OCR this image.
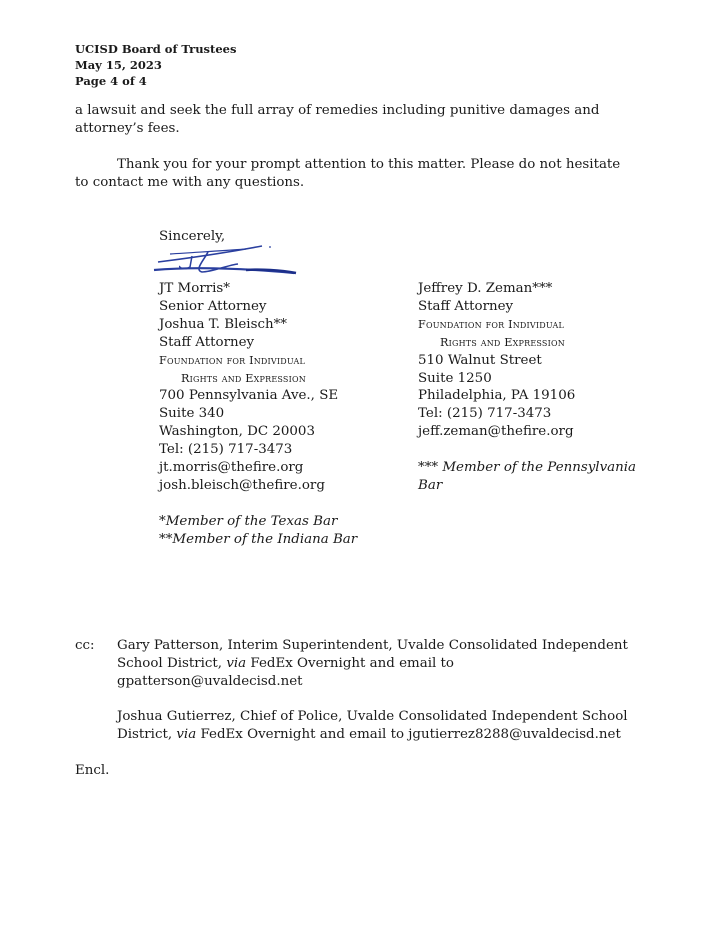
UCISD Board of Trustees
May 15, 2023
Page 4 of 4
a lawsuit and seek the full array of remedies including punitive damages and attorney’s fees.
Thank you for your prompt attention to this matter. Please do not hesitate to contact me with any questions.
Sincerely,
JT Morris*
Senior Attorney
Joshua T. Bleisch**
Staff Attorney
Foundation for Individual
Rights and Expression
700 Pennsylvania Ave., SE
Suite 340
Washington, DC 20003
Tel: (215) 717-3473
jt.morris@thefire.org
josh.bleisch@thefire.org
*Member of the Texas Bar
**Member of the Indiana Bar
Jeffrey D. Zeman***
Staff Attorney
Foundation for Individual
Rights and Expression
510 Walnut Street
Suite 1250
Philadelphia, PA 19106
Tel: (215) 717-3473
jeff.zeman@thefire.org
*** Member of the Pennsylvania
Bar
cc: Gary Patterson, Interim Superintendent, Uvalde Consolidated Independent
School District, via FedEx Overnight and email to
gpatterson@uvaldecisd.net
Joshua Gutierrez, Chief of Police, Uvalde Consolidated Independent School
District, via FedEx Overnight and email to jgutierrez8288@uvaldecisd.net
Encl.
